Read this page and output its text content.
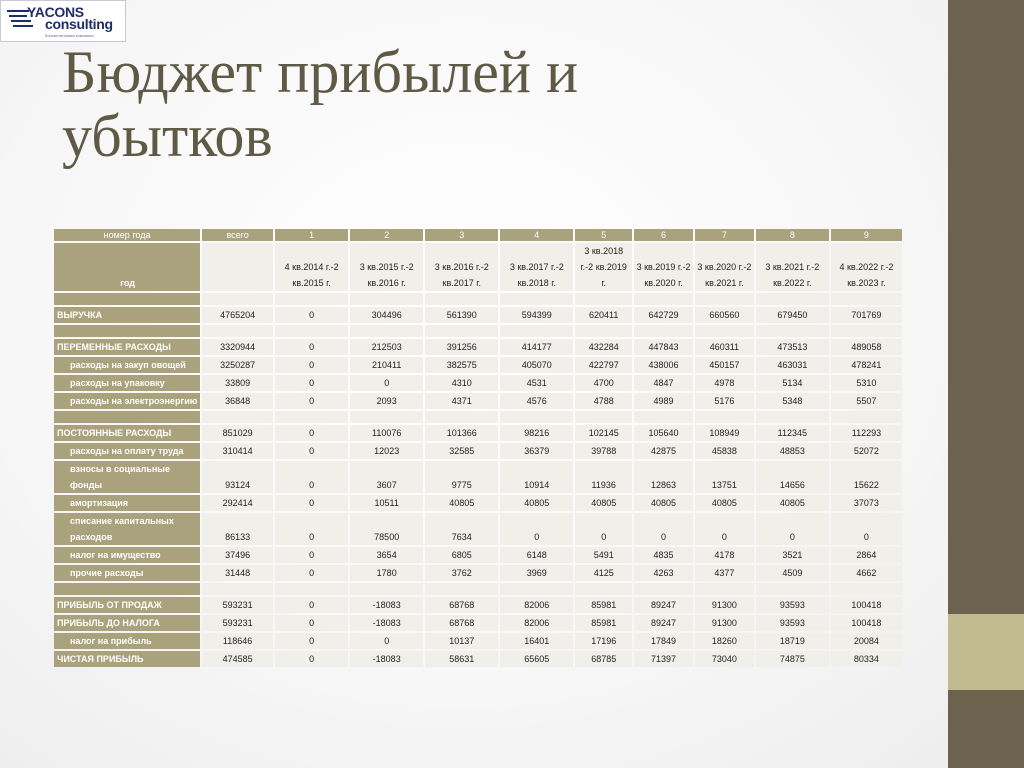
YACONS
consulting
Консалтинговая компания
Бюджет прибылей и убытков
номер года	всего	1	2	3	4	5	6	7	8	9
год		4 кв.2014 г.-2 кв.2015 г.	3 кв.2015 г.-2 кв.2016 г.	3 кв.2016 г.-2 кв.2017 г.	3 кв.2017 г.-2 кв.2018 г.	3 кв.2018 г.-2 кв.2019 г.	3 кв.2019 г.-2 кв.2020 г.	3 кв.2020 г.-2 кв.2021 г.	3 кв.2021 г.-2 кв.2022 г.	4 кв.2022 г.-2 кв.2023 г.

ВЫРУЧКА	4765204	0	304496	561390	594399	620411	642729	660560	679450	701769

ПЕРЕМЕННЫЕ РАСХОДЫ	3320944	0	212503	391256	414177	432284	447843	460311	473513	489058
расходы на закуп овощей	3250287	0	210411	382575	405070	422797	438006	450157	463031	478241
расходы на упаковку	33809	0	0	4310	4531	4700	4847	4978	5134	5310
расходы на электроэнергию	36848	0	2093	4371	4576	4788	4989	5176	5348	5507

ПОСТОЯННЫЕ РАСХОДЫ	851029	0	110076	101366	98216	102145	105640	108949	112345	112293
расходы на оплату труда	310414	0	12023	32585	36379	39788	42875	45838	48853	52072
взносы в социальные фонды	93124	0	3607	9775	10914	11936	12863	13751	14656	15622
амортизация	292414	0	10511	40805	40805	40805	40805	40805	40805	37073
списание капитальных расходов	86133	0	78500	7634	0	0	0	0	0	0
налог на имущество	37496	0	3654	6805	6148	5491	4835	4178	3521	2864
прочие расходы	31448	0	1780	3762	3969	4125	4263	4377	4509	4662

ПРИБЫЛЬ ОТ ПРОДАЖ	593231	0	-18083	68768	82006	85981	89247	91300	93593	100418
ПРИБЫЛЬ ДО НАЛОГА	593231	0	-18083	68768	82006	85981	89247	91300	93593	100418
налог на прибыль	118646	0	0	10137	16401	17196	17849	18260	18719	20084
ЧИСТАЯ ПРИБЫЛЬ	474585	0	-18083	58631	65605	68785	71397	73040	74875	80334
